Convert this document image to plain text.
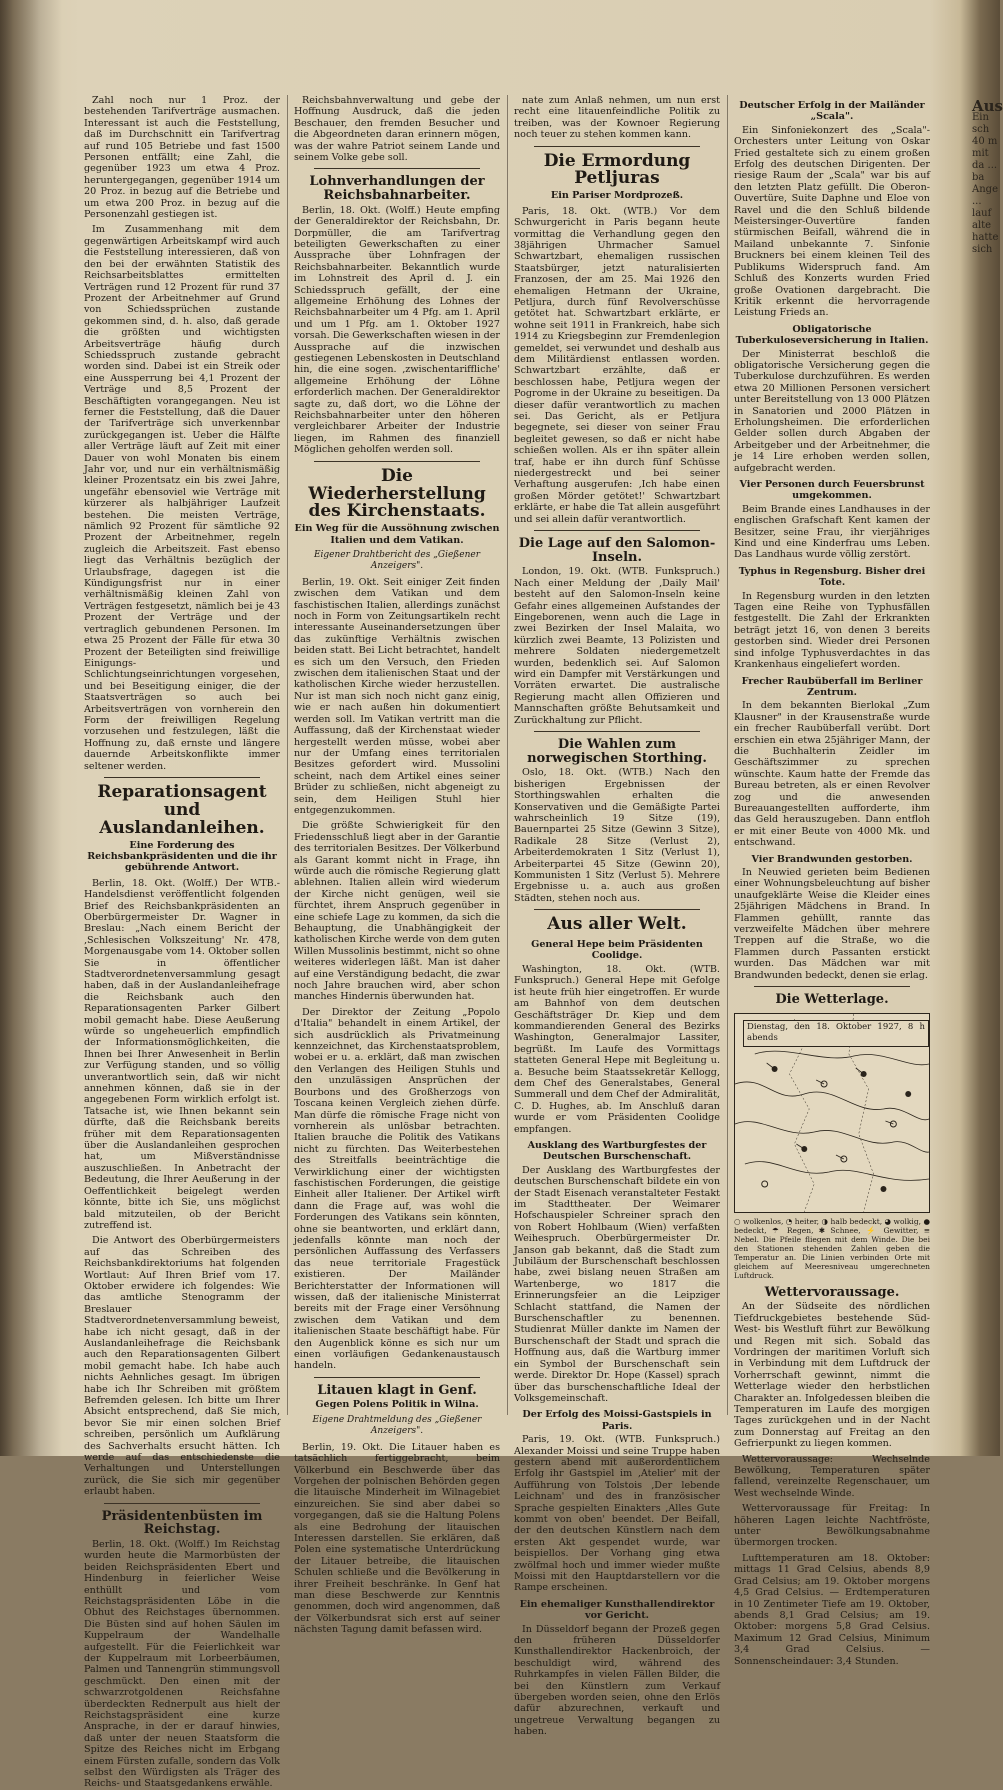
Zahl noch nur 1 Proz. der bestehenden Tarifverträge ausmachen. Interessant ist auch die Feststellung, daß im Durchschnitt ein Tarifvertrag auf rund 105 Betriebe und fast 1500 Personen entfällt; eine Zahl, die gegenüber 1923 um etwa 4 Proz. heruntergegangen, gegenüber 1914 um 20 Proz. in bezug auf die Betriebe und um etwa 200 Proz. in bezug auf die Personenzahl gestiegen ist.

Im Zusammenhang mit dem gegenwärtigen Arbeitskampf wird auch die Feststellung interessieren, daß von den bei der erwähnten Statistik des Reichsarbeitsblattes ermittelten Verträgen rund 12 Prozent für rund 37 Prozent der Arbeitnehmer auf Grund von Schiedssprüchen zustande gekommen sind, d. h. also, daß gerade die größten und wichtigsten Arbeitsverträge häufig durch Schiedsspruch zustande gebracht worden sind. Dabei ist ein Streik oder eine Aussperrung bei 4,1 Prozent der Verträge und 8,5 Prozent der Beschäftigten vorangegangen. Neu ist ferner die Feststellung, daß die Dauer der Tarifverträge sich unverkennbar zurückgegangen ist. Ueber die Hälfte aller Verträge läuft auf Zeit mit einer Dauer von wohl Monaten bis einem Jahr vor, und nur ein verhältnismäßig kleiner Prozentsatz ein bis zwei Jahre, ungefähr ebensoviel wie Verträge mit kürzerer als halbjähriger Laufzeit bestehen. Die meisten Verträge, nämlich 92 Prozent für sämtliche 92 Prozent der Arbeitnehmer, regeln zugleich die Arbeitszeit. Fast ebenso liegt das Verhältnis bezüglich der Urlaubsfrage, dagegen ist die Kündigungsfrist nur in einer verhältnismäßig kleinen Zahl von Verträgen festgesetzt, nämlich bei je 43 Prozent der Verträge und der vertraglich gebundenen Personen. Im etwa 25 Prozent der Fälle für etwa 30 Prozent der Beteiligten sind freiwillige Einigungs- und Schlichtungseinrichtungen vorgesehen, und bei Beseitigung einiger, die der Staatsverträgen so auch bei Arbeitsverträgen von vornherein den Form der freiwilligen Regelung vorzusehen und festzulegen, läßt die Hoffnung zu, daß ernste und längere dauernde Arbeitskonflikte immer seltener werden.

Reparationsagent und Auslandanleihen.
Eine Forderung des Reichsbankpräsidenten und die ihr gebührende Antwort.

Berlin, 18. Okt. (Wolff.) Der WTB.-Handelsdienst veröffentlicht folgenden Brief des Reichsbankpräsidenten an Oberbürgermeister Dr. Wagner in Breslau: „Nach einem Bericht der ‚Schlesischen Volkszeitung' Nr. 478, Morgenausgabe vom 14. Oktober sollen Sie in öffentlicher Stadtverordnetenversammlung gesagt haben, daß in der Auslandanleihefrage die Reichsbank auch den Reparationsagenten Parker Gilbert mobil gemacht habe. Diese Aeußerung würde so ungeheuerlich empfindlich der Informationsmöglichkeiten, die Ihnen bei Ihrer Anwesenheit in Berlin zur Verfügung standen, und so völlig unverantwortlich sein, daß wir nicht annehmen können, daß sie in der angegebenen Form wirklich erfolgt ist. Tatsache ist, wie Ihnen bekannt sein dürfte, daß die Reichsbank bereits früher mit dem Reparationsagenten über die Auslandanleihen gesprochen hat, um Mißverständnisse auszuschließen. In Anbetracht der Bedeutung, die Ihrer Aeußerung in der Oeffentlichkeit beigelegt werden könnte, bitte ich Sie, uns möglichst bald mitzuteilen, ob der Bericht zutreffend ist.

Die Antwort des Oberbürgermeisters auf das Schreiben des Reichsbankdirektoriums hat folgenden Wortlaut: Auf Ihren Brief vom 17. Oktober erwidere ich folgendes: Wie das amtliche Stenogramm der Breslauer Stadtverordnetenversammlung beweist, habe ich nicht gesagt, daß in der Auslandanleihefrage die Reichsbank auch den Reparationsagenten Gilbert mobil gemacht habe. Ich habe auch nichts Aehnliches gesagt. Im übrigen habe ich Ihr Schreiben mit größtem Befremden gelesen. Ich bitte um Ihrer Absicht entsprechend, daß Sie mich, bevor Sie mir einen solchen Brief schreiben, persönlich um Aufklärung des Sachverhalts ersucht hätten. Ich werde auf das entschiedenste die Verhaltungen und Unterstellungen zurück, die Sie sich mir gegenüber erlaubt haben.

Präsidentenbüsten im Reichstag.

Berlin, 18. Okt. (Wolff.) Im Reichstag wurden heute die Marmorbüsten der beiden Reichspräsidenten Ebert und Hindenburg in feierlicher Weise enthüllt und vom Reichstagspräsidenten Löbe in die Obhut des Reichstages übernommen. Die Büsten sind auf hohen Säulen im Kuppelraum der Wandelhalle aufgestellt. Für die Feierlichkeit war der Kuppelraum mit Lorbeerbäumen, Palmen und Tannengrün stimmungsvoll geschmückt. Den einen mit der schwarzrotgoldenen Reichsfahne überdeckten Rednerpult aus hielt der Reichstagspräsident eine kurze Ansprache, in der er darauf hinwies, daß unter der neuen Staatsform die Spitze des Reiches nicht im Erbgang einem Fürsten zufalle, sondern das Volk selbst den Würdigsten als Träger des Reichs- und Staatsgedankens erwähle.

Reichsbahnverwaltung und gebe der Hoffnung Ausdruck, daß die jeden Beschauer, den fremden Besucher und die Abgeordneten daran erinnern mögen, was der wahre Patriot seinem Lande und seinem Volke gebe soll.

Lohnverhandlungen der Reichsbahnarbeiter.

Berlin, 18. Okt. (Wolff.) Heute empfing der Generaldirektor der Reichsbahn, Dr. Dorpmüller, die am Tarifvertrag beteiligten Gewerkschaften zu einer Aussprache über Lohnfragen der Reichsbahnarbeiter. Bekanntlich wurde im Lohnstreit des April d. J. ein Schiedsspruch gefällt, der eine allgemeine Erhöhung des Lohnes der Reichsbahnarbeiter um 4 Pfg. am 1. April und um 1 Pfg. am 1. Oktober 1927 vorsah. Die Gewerkschaften wiesen in der Aussprache auf die inzwischen gestiegenen Lebenskosten in Deutschland hin, die eine sogen. ‚zwischentariffliche' allgemeine Erhöhung der Löhne erforderlich machen. Der Generaldirektor sagte zu, daß dort, wo die Löhne der Reichsbahnarbeiter unter den höheren vergleichbarer Arbeiter der Industrie liegen, im Rahmen des finanziell Möglichen geholfen werden soll.

Die Wiederherstellung des Kirchenstaats.
Ein Weg für die Aussöhnung zwischen Italien und dem Vatikan.
Eigener Drahtbericht des „Gießener Anzeigers".

Berlin, 19. Okt. Seit einiger Zeit finden zwischen dem Vatikan und dem faschistischen Italien, allerdings zunächst noch in Form von Zeitungsartikeln recht interessante Auseinandersetzungen über das zukünftige Verhältnis zwischen beiden statt. Bei Licht betrachtet, handelt es sich um den Versuch, den Frieden zwischen dem italienischen Staat und der katholischen Kirche wieder herzustellen. Nur ist man sich noch nicht ganz einig, wie er nach außen hin dokumentiert werden soll. Im Vatikan vertritt man die Auffassung, daß der Kirchenstaat wieder hergestellt werden müsse, wobei aber nur der Umfang eines territorialen Besitzes gefordert wird. Mussolini scheint, nach dem Artikel eines seiner Brüder zu schließen, nicht abgeneigt zu sein, dem Heiligen Stuhl hier entgegenzukommen.

Die größte Schwierigkeit für den Friedensschluß liegt aber in der Garantie des territorialen Besitzes. Der Völkerbund als Garant kommt nicht in Frage, ihn würde auch die römische Regierung glatt ablehnen. Italien allein wird wiederum der Kirche nicht genügen, weil sie fürchtet, ihrem Anspruch gegenüber in eine schiefe Lage zu kommen, da sich die Behauptung, die Unabhängigkeit der katholischen Kirche werde von dem guten Willen Mussolinis bestimmt, nicht so ohne weiteres widerlegen läßt. Man ist daher auf eine Verständigung bedacht, die zwar noch Jahre brauchen wird, aber schon manches Hindernis überwunden hat.

Der Direktor der Zeitung „Popolo d'Italia" behandelt in einem Artikel, der sich ausdrücklich als Privatmeinung kennzeichnet, das Kirchenstaatsproblem, wobei er u. a. erklärt, daß man zwischen den Verlangen des Heiligen Stuhls und den unzulässigen Ansprüchen der Bourbons und des Großherzogs von Toscana keinen Vergleich ziehen dürfe. Man dürfe die römische Frage nicht von vornherein als unlösbar betrachten. Italien brauche die Politik des Vatikans nicht zu fürchten. Das Weiterbestehen des Streitfalls beeinträchtige die Verwirklichung einer der wichtigsten faschistischen Forderungen, die geistige Einheit aller Italiener. Der Artikel wirft dann die Frage auf, was wohl die Forderungen des Vatikans sein könnten, ohne sie beantworten, und erklärt dann, jedenfalls könnte man noch der persönlichen Auffassung des Verfassers das neue territoriale Fragestück existieren. Der Mailänder Berichterstatter der Informationen will wissen, daß der italienische Ministerrat bereits mit der Frage einer Versöhnung zwischen dem Vatikan und dem italienischen Staate beschäftigt habe. Für den Augenblick könne es sich nur um einen vorläufigen Gedankenaustausch handeln.

Litauen klagt in Genf.
Gegen Polens Politik in Wilna.
Eigene Drahtmeldung des „Gießener Anzeigers".

Berlin, 19. Okt. Die Litauer haben es tatsächlich fertiggebracht, beim Völkerbund ein Beschwerde über das Vorgehen der polnischen Behörden gegen die litauische Minderheit im Wilnagebiet einzureichen. Sie sind aber dabei so vorgegangen, daß sie die Haltung Polens als eine Bedrohung der litauischen Interessen darstellen. Sie erklären, daß Polen eine systematische Unterdrückung der Litauer betreibe, die litauischen Schulen schließe und die Bevölkerung in ihrer Freiheit beschränke. In Genf hat man diese Beschwerde zur Kenntnis genommen, doch wird angenommen, daß der Völkerbundsrat sich erst auf seiner nächsten Tagung damit befassen wird.

nate zum Anlaß nehmen, um nun erst recht eine litauenfeindliche Politik zu treiben, was der Kownoer Regierung noch teuer zu stehen kommen kann.

Die Ermordung Petljuras
Ein Pariser Mordprozeß.

Paris, 18. Okt. (WTB.) Vor dem Schwurgericht in Paris begann heute vormittag die Verhandlung gegen den 38jährigen Uhrmacher Samuel Schwartzbart, ehemaligen russischen Staatsbürger, jetzt naturalisierten Franzosen, der am 25. Mai 1926 den ehemaligen Hetmann der Ukraine, Petljura, durch fünf Revolverschüsse getötet hat. Schwartzbart erklärte, er wohne seit 1911 in Frankreich, habe sich 1914 zu Kriegsbeginn zur Fremdenlegion gemeldet, sei verwundet und deshalb aus dem Militärdienst entlassen worden. Schwartzbart erzählte, daß er beschlossen habe, Petljura wegen der Pogrome in der Ukraine zu beseitigen. Da dieser dafür verantwortlich zu machen sei. Das Gericht, als er Petljura begegnete, sei dieser von seiner Frau begleitet gewesen, so daß er nicht habe schießen wollen. Als er ihn später allein traf, habe er ihn durch fünf Schüsse niedergestreckt und bei seiner Verhaftung ausgerufen: ‚Ich habe einen großen Mörder getötet!' Schwartzbart erklärte, er habe die Tat allein ausgeführt und sei allein dafür verantwortlich.

Die Lage auf den Salomon-Inseln.

London, 19. Okt. (WTB. Funkspruch.) Nach einer Meldung der ‚Daily Mail' besteht auf den Salomon-Inseln keine Gefahr eines allgemeinen Aufstandes der Eingeborenen, wenn auch die Lage in zwei Bezirken der Insel Malaita, wo kürzlich zwei Beamte, 13 Polizisten und mehrere Soldaten niedergemetzelt wurden, bedenklich sei. Auf Salomon wird ein Dampfer mit Verstärkungen und Vorräten erwartet. Die australische Regierung macht allen Offizieren und Mannschaften größte Behutsamkeit und Zurückhaltung zur Pflicht.

Die Wahlen zum norwegischen Storthing.

Oslo, 18. Okt. (WTB.) Nach den bisherigen Ergebnissen der Storthingswahlen erhalten die Konservativen und die Gemäßigte Partei wahrscheinlich 19 Sitze (19), Bauernpartei 25 Sitze (Gewinn 3 Sitze), Radikale 28 Sitze (Verlust 2), Arbeiterdemokraten 1 Sitz (Verlust 1), Arbeiterpartei 45 Sitze (Gewinn 20), Kommunisten 1 Sitz (Verlust 5). Mehrere Ergebnisse u. a. auch aus großen Städten, stehen noch aus.

Aus aller Welt.
General Hepe beim Präsidenten Coolidge.

Washington, 18. Okt. (WTB. Funkspruch.) General Hepe mit Gefolge ist heute früh hier eingetroffen. Er wurde am Bahnhof von dem deutschen Geschäftsträger Dr. Kiep und dem kommandierenden General des Bezirks Washington, Generalmajor Lassiter, begrüßt. Im Laufe des Vormittags statteten General Hepe mit Begleitung u. a. Besuche beim Staatssekretär Kellogg, dem Chef des Generalstabes, General Summerall und dem Chef der Admiralität, C. D. Hughes, ab. Im Anschluß daran wurde er vom Präsidenten Coolidge empfangen.

Ausklang des Wartburgfestes der Deutschen Burschenschaft.

Der Ausklang des Wartburgfestes der deutschen Burschenschaft bildete ein von der Stadt Eisenach veranstalteter Festakt im Stadttheater. Der Weimarer Hofschauspieler Schreiner sprach den von Robert Hohlbaum (Wien) verfaßten Weihespruch. Oberbürgermeister Dr. Janson gab bekannt, daß die Stadt zum Jubiläum der Burschenschaft beschlossen habe, zwei bislang neuen Straßen am Wartenberge, wo 1817 die Erinnerungsfeier an die Leipziger Schlacht stattfand, die Namen der Burschenschaftler zu benennen. Studienrat Müller dankte im Namen der Burschenschaft der Stadt und sprach die Hoffnung aus, daß die Wartburg immer ein Symbol der Burschenschaft sein werde. Direktor Dr. Hope (Kassel) sprach über das burschenschaftliche Ideal der Volksgemeinschaft.

Der Erfolg des Moissi-Gastspiels in Paris.

Paris, 19. Okt. (WTB. Funkspruch.) Alexander Moissi und seine Truppe haben gestern abend mit außerordentlichem Erfolg ihr Gastspiel im ‚Atelier' mit der Aufführung von Tolstois ‚Der lebende Leichnam' und des in französischer Sprache gespielten Einakters ‚Alles Gute kommt von oben' beendet. Der Beifall, der den deutschen Künstlern nach dem ersten Akt gespendet wurde, war beispiellos. Der Vorhang ging etwa zwölfmal hoch und immer wieder mußte Moissi mit den Hauptdarstellern vor die Rampe erscheinen.

Ein ehemaliger Kunsthallendirektor vor Gericht.

In Düsseldorf begann der Prozeß gegen den früheren Düsseldorfer Kunsthallendirektor Hackenbroich, der beschuldigt wird, während des Ruhrkampfes in vielen Fällen Bilder, die bei den Künstlern zum Verkauf übergeben worden seien, ohne den Erlös dafür abzurechnen, verkauft und ungetreue Verwaltung begangen zu haben.

Deutscher Erfolg in der Mailänder „Scala".

Ein Sinfoniekonzert des „Scala"-Orchesters unter Leitung von Oskar Fried gestaltete sich zu einem großen Erfolg des deutschen Dirigenten. Der riesige Raum der „Scala" war bis auf den letzten Platz gefüllt. Die Oberon-Ouvertüre, Suite Daphne und Eloe von Ravel und die den Schluß bildende Meistersinger-Ouvertüre fanden stürmischen Beifall, während die in Mailand unbekannte 7. Sinfonie Bruckners bei einem kleinen Teil des Publikums Widerspruch fand. Am Schluß des Konzerts wurden Fried große Ovationen dargebracht. Die Kritik erkennt die hervorragende Leistung Frieds an.

Obligatorische Tuberkuloseversicherung in Italien.

Der Ministerrat beschloß die obligatorische Versicherung gegen die Tuberkulose durchzuführen. Es werden etwa 20 Millionen Personen versichert unter Bereitstellung von 13 000 Plätzen in Sanatorien und 2000 Plätzen in Erholungsheimen. Die erforderlichen Gelder sollen durch Abgaben der Arbeitgeber und der Arbeitnehmer, die je 14 Lire erhoben werden sollen, aufgebracht werden.

Vier Personen durch Feuersbrunst umgekommen.

Beim Brande eines Landhauses in der englischen Grafschaft Kent kamen der Besitzer, seine Frau, ihr vierjähriges Kind und eine Kinderfrau ums Leben. Das Landhaus wurde völlig zerstört.

Typhus in Regensburg. Bisher drei Tote.

In Regensburg wurden in den letzten Tagen eine Reihe von Typhusfällen festgestellt. Die Zahl der Erkrankten beträgt jetzt 16, von denen 3 bereits gestorben sind. Wieder drei Personen sind infolge Typhusverdachtes in das Krankenhaus eingeliefert worden.

Frecher Raubüberfall im Berliner Zentrum.

In dem bekannten Bierlokal „Zum Klausner" in der Krausenstraße wurde ein frecher Raubüberfall verübt. Dort erschien ein etwa 25jähriger Mann, der die Buchhalterin Zeidler im Geschäftszimmer zu sprechen wünschte. Kaum hatte der Fremde das Bureau betreten, als er einen Revolver zog und die anwesenden Bureauangestellten aufforderte, ihm das Geld herauszugeben. Dann entfloh er mit einer Beute von 4000 Mk. und entschwand.

Vier Brandwunden gestorben.

In Neuwied gerieten beim Bedienen einer Wohnungsbeleuchtung auf bisher unaufgeklärte Weise die Kleider eines 25jährigen Mädchens in Brand. In Flammen gehüllt, rannte das verzweifelte Mädchen über mehrere Treppen auf die Straße, wo die Flammen durch Passanten erstickt wurden. Das Mädchen war mit Brandwunden bedeckt, denen sie erlag.

Die Wetterlage.
Dienstag, den 18. Oktober 1927, 8 h abends
○ wolkenlos, ◔ heiter, ◑ halb bedeckt, ◕ wolkig, ● bedeckt, ☂ Regen, ✱ Schnee, ⚡ Gewitter, ≡ Nebel. Die Pfeile fliegen mit dem Winde. Die bei den Stationen stehenden Zahlen geben die Temperatur an. Die Linien verbinden Orte mit gleichem auf Meeresniveau umgerechneten Luftdruck.
Wettervoraussage.

An der Südseite des nördlichen Tiefdruckgebietes bestehende Süd-West- bis Westluft führt zur Bewölkung und Regen mit sich. Sobald das Vordringen der maritimen Vorluft sich in Verbindung mit dem Luftdruck der Vorherrschaft gewinnt, nimmt die Wetterlage wieder den herbstlichen Charakter an. Infolgedessen bleiben die Temperaturen im Laufe des morgigen Tages zurückgehen und in der Nacht zum Donnerstag auf Freitag an den Gefrierpunkt zu liegen kommen.

Wettervoraussage: Wechselnde Bewölkung, Temperaturen später fallend, vereinzelte Regenschauer, um West wechselnde Winde.

Wettervoraussage für Freitag: In höheren Lagen leichte Nachtfröste, unter Bewölkungsabnahme übermorgen trocken.

Lufttemperaturen am 18. Oktober: mittags 11 Grad Celsius, abends 8,9 Grad Celsius; am 19. Oktober morgens 4,5 Grad Celsius. — Erdtemperaturen in 10 Zentimeter Tiefe am 19. Oktober, abends 8,1 Grad Celsius; am 19. Oktober: morgens 5,8 Grad Celsius. Maximum 12 Grad Celsius, Minimum 3,4 Grad Celsius. — Sonnenscheindauer: 3,4 Stunden.

Aus
Ein sch 40 m mit da ... ba Ange ... lauf alte hatte sich
